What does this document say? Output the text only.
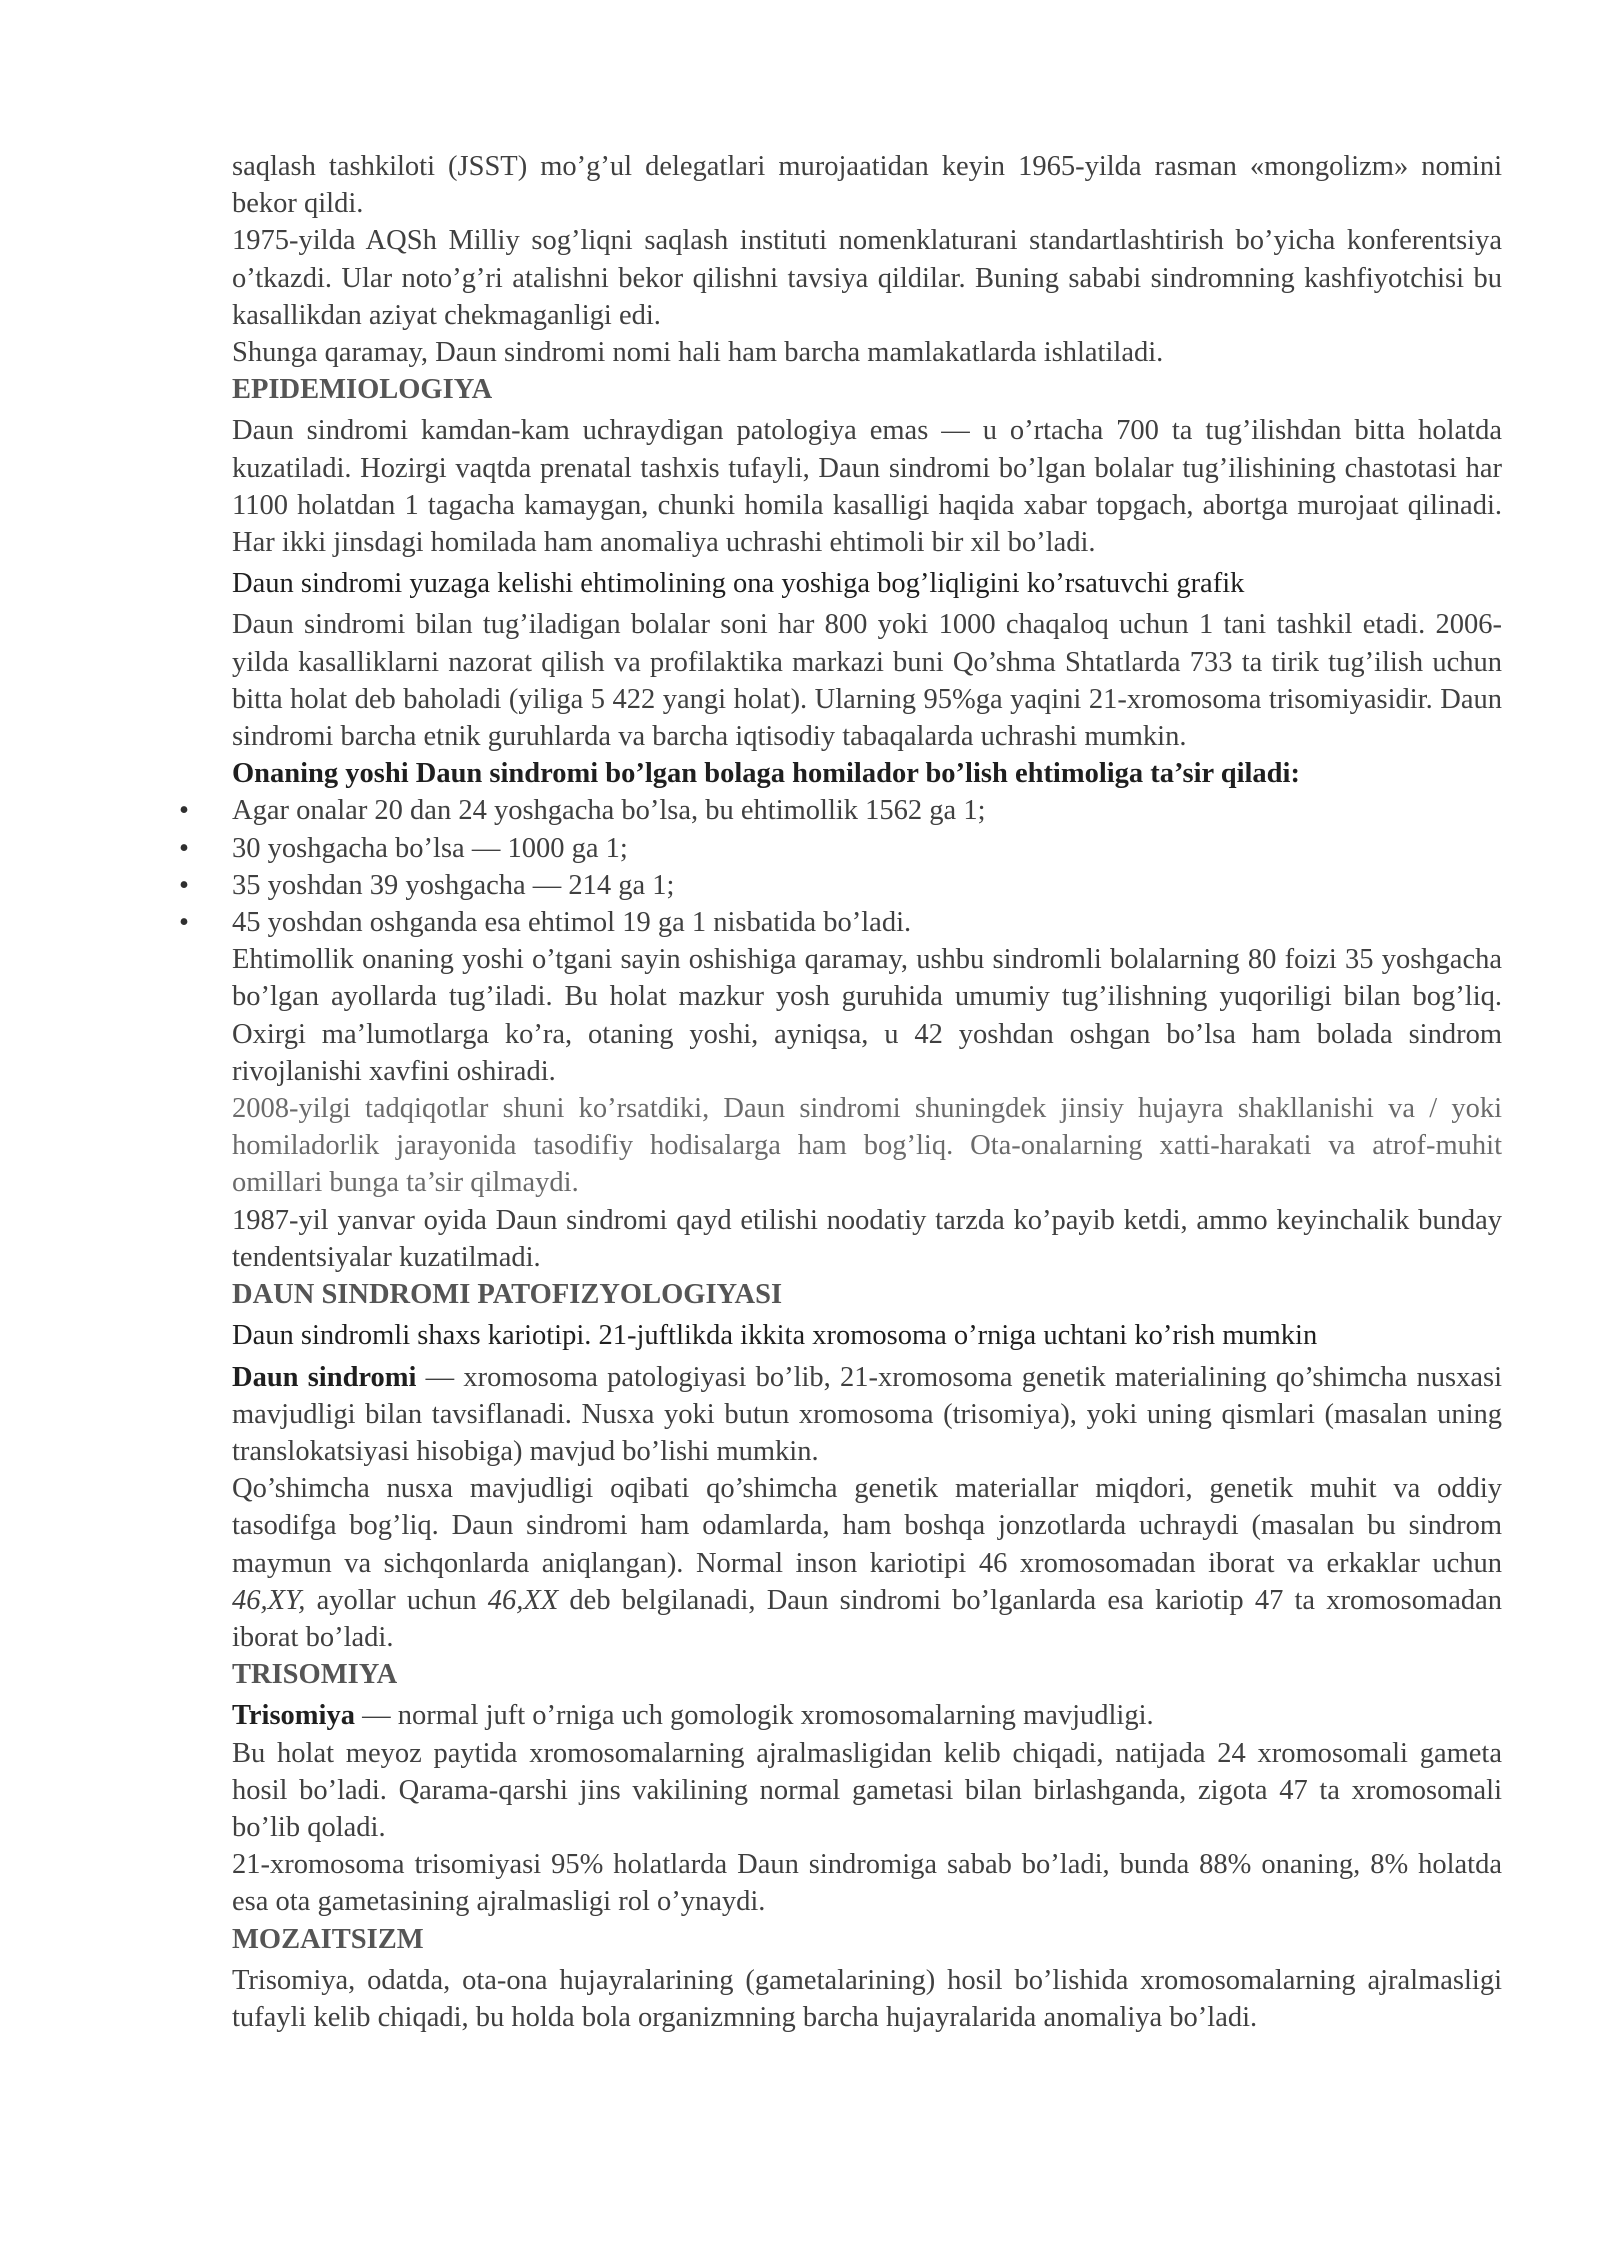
saqlash tashkiloti (JSST) mo’g’ul delegatlari murojaatidan keyin 1965-yilda rasman «mongolizm» nomini bekor qildi.

1975-yilda AQSh Milliy sog’liqni saqlash instituti nomenklaturani standartlashtirish bo’yicha konferentsiya o’tkazdi. Ular noto’g’ri atalishni bekor qilishni tavsiya qildilar. Buning sababi sindromning kashfiyotchisi bu kasallikdan aziyat chekmaganligi edi.

Shunga qaramay, Daun sindromi nomi hali ham barcha mamlakatlarda ishlatiladi.

EPIDEMIOLOGIYA

Daun sindromi kamdan-kam uchraydigan patologiya emas — u o’rtacha 700 ta tug’ilishdan bitta holatda kuzatiladi. Hozirgi vaqtda prenatal tashxis tufayli, Daun sindromi bo’lgan bolalar tug’ilishining chastotasi har 1100 holatdan 1 tagacha kamaygan, chunki homila kasalligi haqida xabar topgach, abortga murojaat qilinadi. Har ikki jinsdagi homilada ham anomaliya uchrashi ehtimoli bir xil bo’ladi.

Daun sindromi yuzaga kelishi ehtimolining ona yoshiga bog’liqligini ko’rsatuvchi grafik

Daun sindromi bilan tug’iladigan bolalar soni har 800 yoki 1000 chaqaloq uchun 1 tani tashkil etadi. 2006-yilda kasalliklarni nazorat qilish va profilaktika markazi buni Qo’shma Shtatlarda 733 ta tirik tug’ilish uchun bitta holat deb baholadi (yiliga 5 422 yangi holat). Ularning 95%ga yaqini 21-xromosoma trisomiyasidir. Daun sindromi barcha etnik guruhlarda va barcha iqtisodiy tabaqalarda uchrashi mumkin.

Onaning yoshi Daun sindromi bo’lgan bolaga homilador bo’lish ehtimoliga ta’sir qiladi:

• Agar onalar 20 dan 24 yoshgacha bo’lsa, bu ehtimollik 1562 ga 1;
• 30 yoshgacha bo’lsa — 1000 ga 1;
• 35 yoshdan 39 yoshgacha — 214 ga 1;
• 45 yoshdan oshganda esa ehtimol 19 ga 1 nisbatida bo’ladi.

Ehtimollik onaning yoshi o’tgani sayin oshishiga qaramay, ushbu sindromli bolalarning 80 foizi 35 yoshgacha bo’lgan ayollarda tug’iladi. Bu holat mazkur yosh guruhida umumiy tug’ilishning yuqoriligi bilan bog’liq. Oxirgi ma’lumotlarga ko’ra, otaning yoshi, ayniqsa, u 42 yoshdan oshgan bo’lsa ham bolada sindrom rivojlanishi xavfini oshiradi.

2008-yilgi tadqiqotlar shuni ko’rsatdiki, Daun sindromi shuningdek jinsiy hujayra shakllanishi va / yoki homiladorlik jarayonida tasodifiy hodisalarga ham bog’liq. Ota-onalarning xatti-harakati va atrof-muhit omillari bunga ta’sir qilmaydi.

1987-yil yanvar oyida Daun sindromi qayd etilishi noodatiy tarzda ko’payib ketdi, ammo keyinchalik bunday tendentsiyalar kuzatilmadi.

DAUN SINDROMI PATOFIZYOLOGIYASI

Daun sindromli shaxs kariotipi. 21-juftlikda ikkita xromosoma o’rniga uchtani ko’rish mumkin

Daun sindromi — xromosoma patologiyasi bo’lib, 21-xromosoma genetik materialining qo’shimcha nusxasi mavjudligi bilan tavsiflanadi. Nusxa yoki butun xromosoma (trisomiya), yoki uning qismlari (masalan uning translokatsiyasi hisobiga) mavjud bo’lishi mumkin.

Qo’shimcha nusxa mavjudligi oqibati qo’shimcha genetik materiallar miqdori, genetik muhit va oddiy tasodifga bog’liq. Daun sindromi ham odamlarda, ham boshqa jonzotlarda uchraydi (masalan bu sindrom maymun va sichqonlarda aniqlangan). Normal inson kariotipi 46 xromosomadan iborat va erkaklar uchun 46,XY, ayollar uchun 46,XX deb belgilanadi, Daun sindromi bo’lganlarda esa kariotip 47 ta xromosomadan iborat bo’ladi.

TRISOMIYA

Trisomiya — normal juft o’rniga uch gomologik xromosomalarning mavjudligi.

Bu holat meyoz paytida xromosomalarning ajralmasligidan kelib chiqadi, natijada 24 xromosomali gameta hosil bo’ladi. Qarama-qarshi jins vakilining normal gametasi bilan birlashganda, zigota 47 ta xromosomali bo’lib qoladi.

21-xromosoma trisomiyasi 95% holatlarda Daun sindromiga sabab bo’ladi, bunda 88% onaning, 8% holatda esa ota gametasining ajralmasligi rol o’ynaydi.

MOZAITSIZM

Trisomiya, odatda, ota-ona hujayralarining (gametalarining) hosil bo’lishida xromosomalarning ajralmasligi tufayli kelib chiqadi, bu holda bola organizmning barcha hujayralarida anomaliya bo’ladi.
